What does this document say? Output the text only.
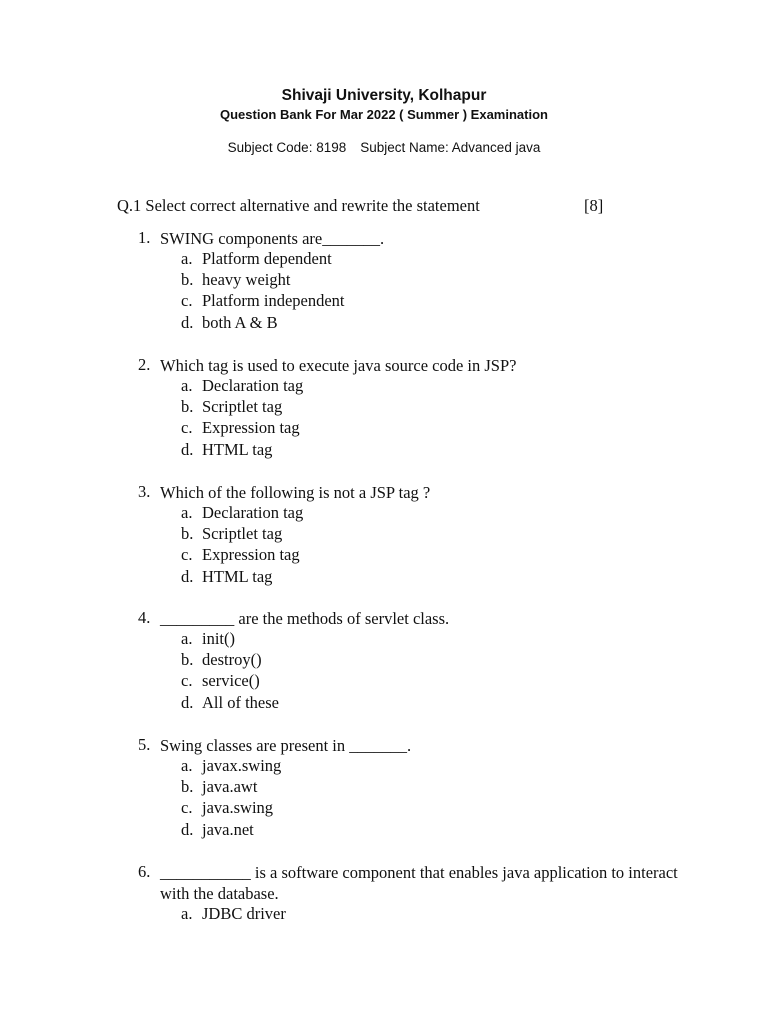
Shivaji University, Kolhapur
Question Bank For Mar 2022 ( Summer ) Examination
Subject Code: 8198 Subject Name: Advanced java
Q.1 Select correct alternative and rewrite the statement	[8]
1. SWING components are_______.
a. Platform dependent
b. heavy weight
c. Platform independent
d. both A & B
2. Which tag is used to execute java source code in JSP?
a. Declaration tag
b. Scriptlet tag
c. Expression tag
d. HTML tag
3. Which of the following is not a JSP tag ?
a. Declaration tag
b. Scriptlet tag
c. Expression tag
d. HTML tag
4. _________ are the methods of servlet class.
a. init()
b. destroy()
c. service()
d. All of these
5. Swing classes are present in _______.
a. javax.swing
b. java.awt
c. java.swing
d. java.net
6. ___________ is a software component that enables java application to interact with the database.
a. JDBC driver
